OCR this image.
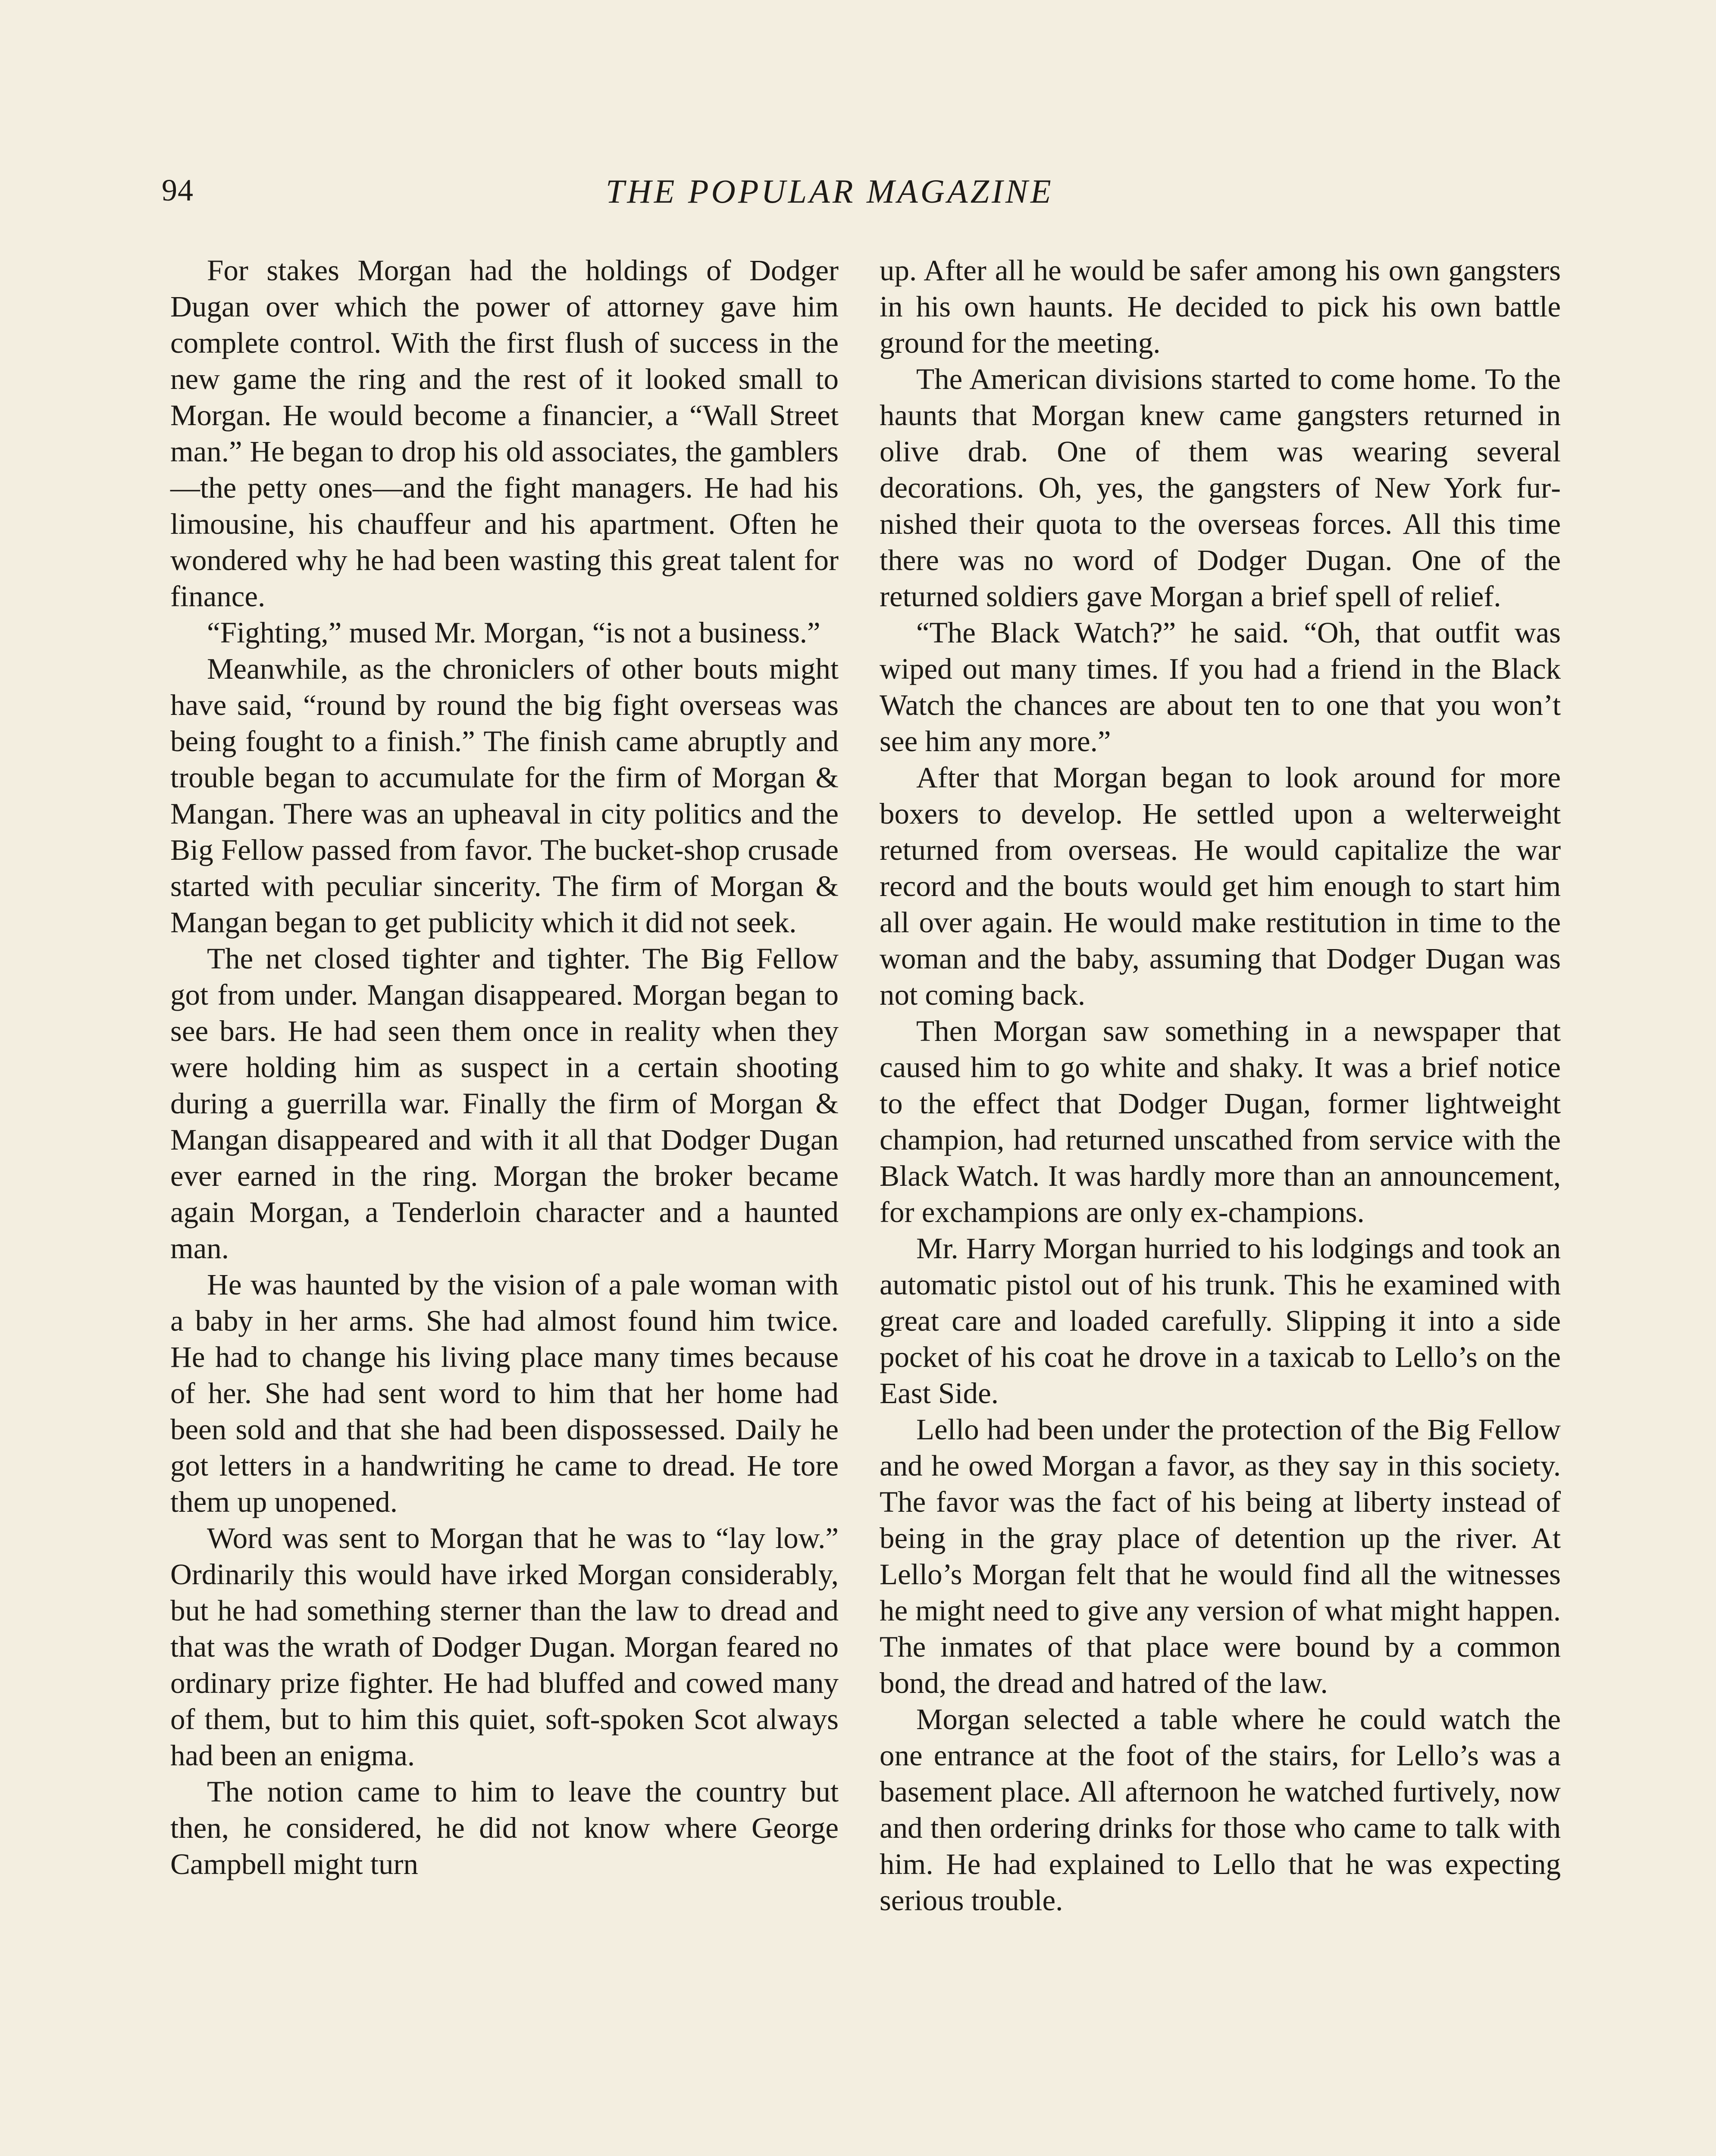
94	THE POPULAR MAGAZINE

For stakes Morgan had the holdings of Dodger Dugan over which the power of attorney gave him complete control. With the first flush of success in the new game the ring and the rest of it looked small to Morgan. He would become a financier, a “Wall Street man.” He began to drop his old associates, the gamblers—the petty ones—and the fight managers. He had his limousine, his chauffeur and his apartment. Often he wondered why he had been wasting this great talent for finance.

“Fighting,” mused Mr. Morgan, “is not a business.”

Meanwhile, as the chroniclers of other bouts might have said, “round by round the big fight overseas was being fought to a finish.” The finish came abruptly and trouble began to accumulate for the firm of Morgan & Mangan. There was an upheaval in city politics and the Big Fellow passed from favor. The bucket-shop crusade started with peculiar sincerity. The firm of Morgan & Mangan began to get publicity which it did not seek.

The net closed tighter and tighter. The Big Fellow got from under. Mangan disappeared. Morgan began to see bars. He had seen them once in reality when they were holding him as suspect in a certain shooting during a guerrilla war. Finally the firm of Morgan & Mangan disappeared and with it all that Dodger Dugan ever earned in the ring. Morgan the broker became again Morgan, a Tenderloin character and a haunted man.

He was haunted by the vision of a pale woman with a baby in her arms. She had almost found him twice. He had to change his living place many times because of her. She had sent word to him that her home had been sold and that she had been dispossessed. Daily he got letters in a handwriting he came to dread. He tore them up unopened.

Word was sent to Morgan that he was to “lay low.” Ordinarily this would have irked Morgan considerably, but he had something sterner than the law to dread and that was the wrath of Dodger Dugan. Morgan feared no ordinary prize fighter. He had bluffed and cowed many of them, but to him this quiet, soft-spoken Scot always had been an enigma.

The notion came to him to leave the country but then, he considered, he did not know where George Campbell might turn

up. After all he would be safer among his own gangsters in his own haunts. He decided to pick his own battle ground for the meeting.

The American divisions started to come home. To the haunts that Morgan knew came gangsters returned in olive drab. One of them was wearing several decorations. Oh, yes, the gangsters of New York furnished their quota to the overseas forces. All this time there was no word of Dodger Dugan. One of the returned soldiers gave Morgan a brief spell of relief.

“The Black Watch?” he said. “Oh, that outfit was wiped out many times. If you had a friend in the Black Watch the chances are about ten to one that you won’t see him any more.”

After that Morgan began to look around for more boxers to develop. He settled upon a welterweight returned from overseas. He would capitalize the war record and the bouts would get him enough to start him all over again. He would make restitution in time to the woman and the baby, assuming that Dodger Dugan was not coming back.

Then Morgan saw something in a newspaper that caused him to go white and shaky. It was a brief notice to the effect that Dodger Dugan, former lightweight champion, had returned unscathed from service with the Black Watch. It was hardly more than an announcement, for exchampions are only ex-champions.

Mr. Harry Morgan hurried to his lodgings and took an automatic pistol out of his trunk. This he examined with great care and loaded carefully. Slipping it into a side pocket of his coat he drove in a taxicab to Lello’s on the East Side.

Lello had been under the protection of the Big Fellow and he owed Morgan a favor, as they say in this society. The favor was the fact of his being at liberty instead of being in the gray place of detention up the river. At Lello’s Morgan felt that he would find all the witnesses he might need to give any version of what might happen. The inmates of that place were bound by a common bond, the dread and hatred of the law.

Morgan selected a table where he could watch the one entrance at the foot of the stairs, for Lello’s was a basement place. All afternoon he watched furtively, now and then ordering drinks for those who came to talk with him. He had explained to Lello that he was expecting serious trouble.
